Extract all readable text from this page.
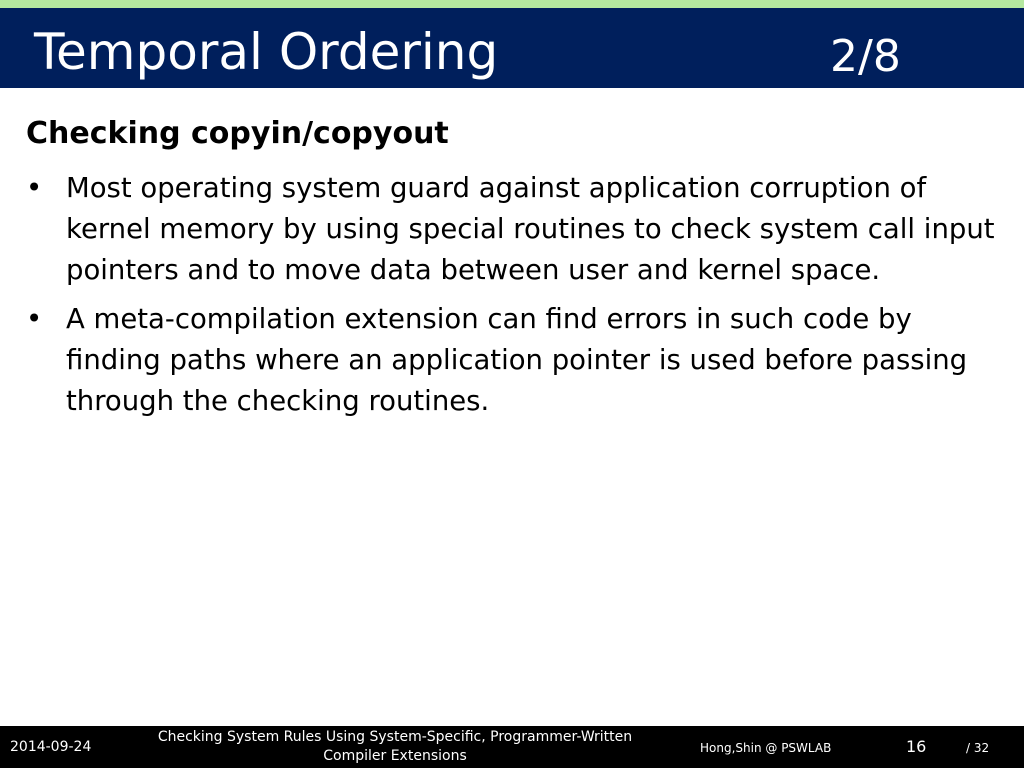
Temporal Ordering	2/8
Checking copyin/copyout
• Most operating system guard against application corruption of kernel memory by using special routines to check system call input pointers and to move data between user and kernel space.
• A meta-compilation extension can find errors in such code by finding paths where an application pointer is used before passing through the checking routines.
2014-09-24
Checking System Rules Using System-Specific, Programmer-Written Compiler Extensions	Hong,Shin @ PSWLAB	16	/ 32
